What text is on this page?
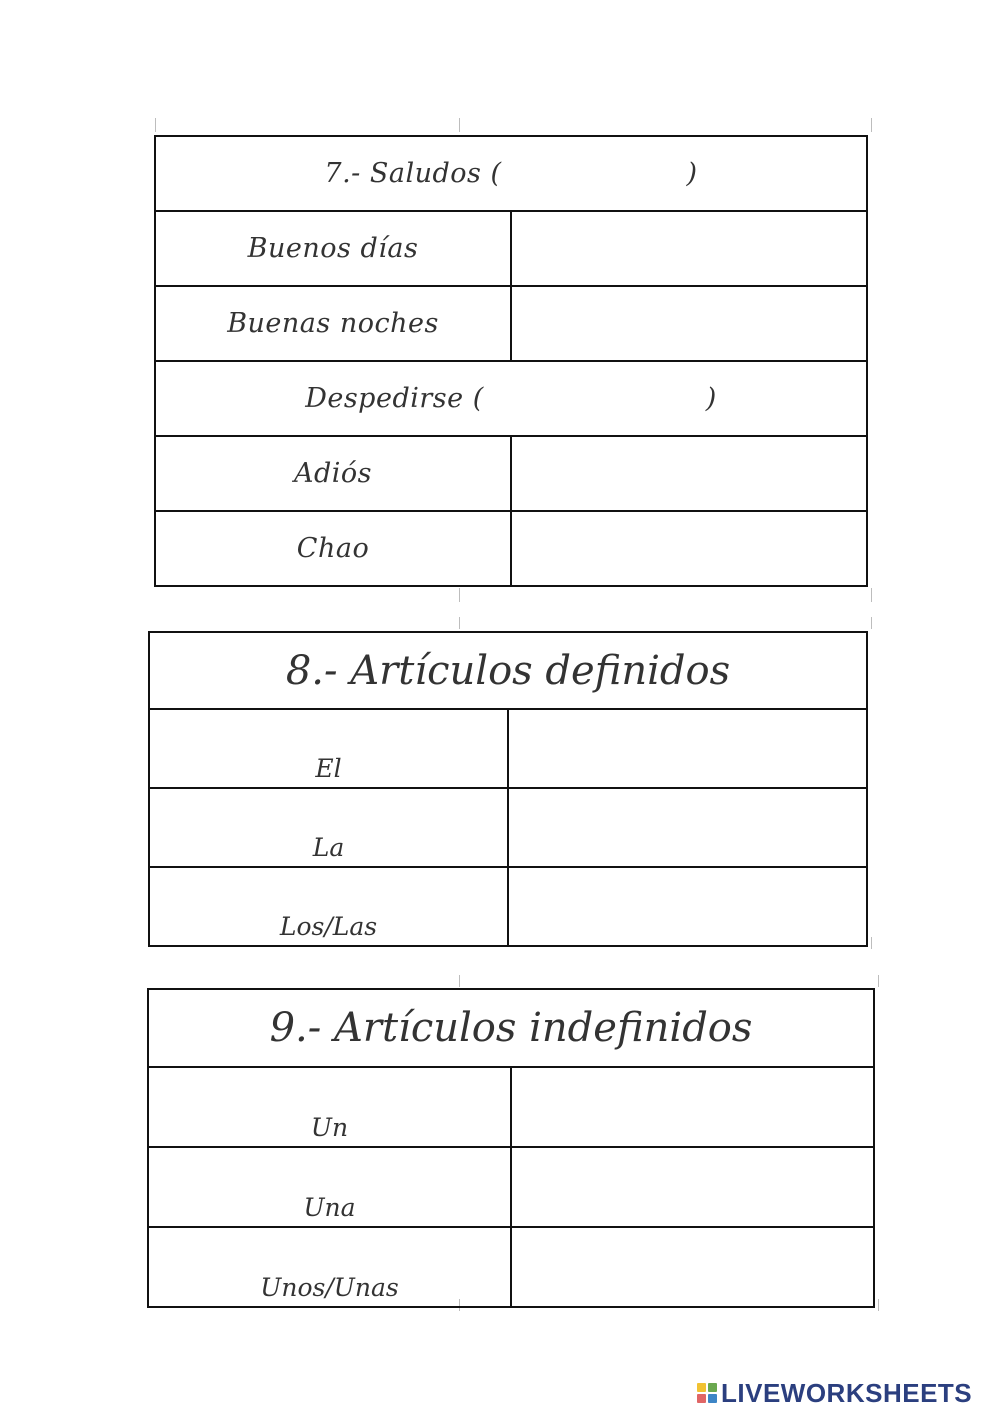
7.- Saludos ( )	
Buenos días	
Buenas noches	
Despedirse ( )	
Adiós	
Chao	
8.- Artículos definidos	
El	
La	
Los/Las	
9.- Artículos indefinidos	
Un	
Una	
Unos/Unas	
LIVEWORKSHEETS
